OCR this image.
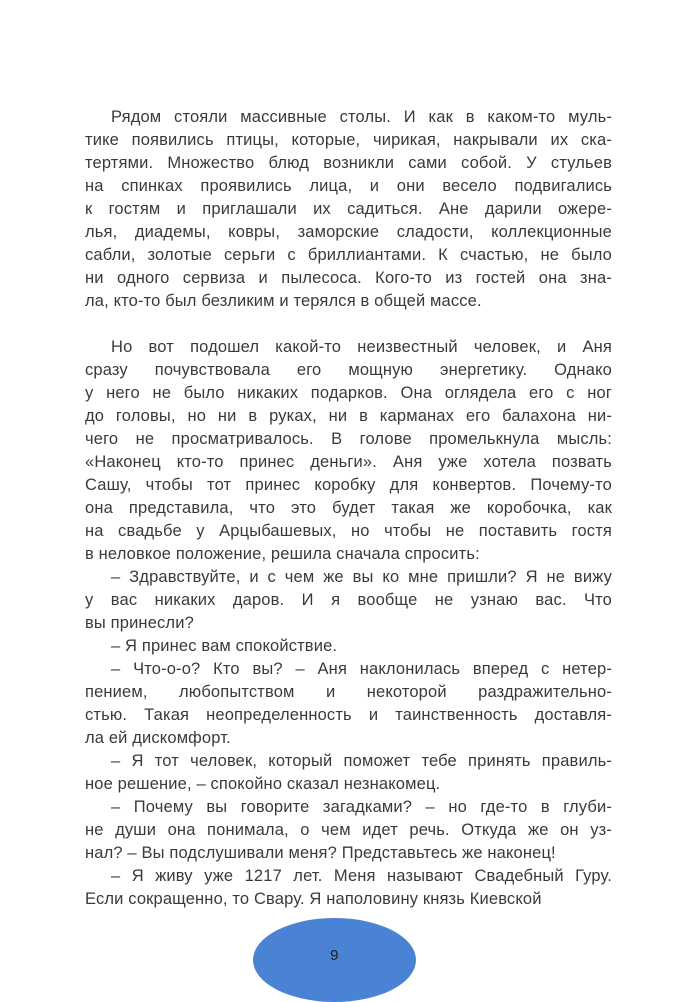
Рядом стояли массивные столы. И как в каком-то муль-
тике появились птицы, которые, чирикая, накрывали их ска-
тертями. Множество блюд возникли сами собой. У стульев
на спинках проявились лица, и они весело подвигались
к гостям и приглашали их садиться. Ане дарили ожере-
лья, диадемы, ковры, заморские сладости, коллекционные
сабли, золотые серьги с бриллиантами. К счастью, не было
ни одного сервиза и пылесоса. Кого-то из гостей она зна-
ла, кто-то был безликим и терялся в общей массе.
Но вот подошел какой-то неизвестный человек, и Аня
сразу почувствовала его мощную энергетику. Однако
у него не было никаких подарков. Она оглядела его с ног
до головы, но ни в руках, ни в карманах его балахона ни-
чего не просматривалось. В голове промелькнула мысль:
«Наконец кто-то принес деньги». Аня уже хотела позвать
Сашу, чтобы тот принес коробку для конвертов. Почему-то
она представила, что это будет такая же коробочка, как
на свадьбе у Арцыбашевых, но чтобы не поставить гостя
в неловкое положение, решила сначала спросить:
– Здравствуйте, и с чем же вы ко мне пришли? Я не вижу
у вас никаких даров. И я вообще не узнаю вас. Что
вы принесли?
– Я принес вам спокойствие.
– Что-о-о? Кто вы? – Аня наклонилась вперед с нетер-
пением, любопытством и некоторой раздражительно-
стью. Такая неопределенность и таинственность доставля-
ла ей дискомфорт.
– Я тот человек, который поможет тебе принять правиль-
ное решение, – спокойно сказал незнакомец.
– Почему вы говорите загадками? – но где-то в глуби-
не души она понимала, о чем идет речь. Откуда же он уз-
нал? – Вы подслушивали меня? Представьтесь же наконец!
– Я живу уже 1217 лет. Меня называют Свадебный Гуру.
Если сокращенно, то Свару. Я наполовину князь Киевской
9
